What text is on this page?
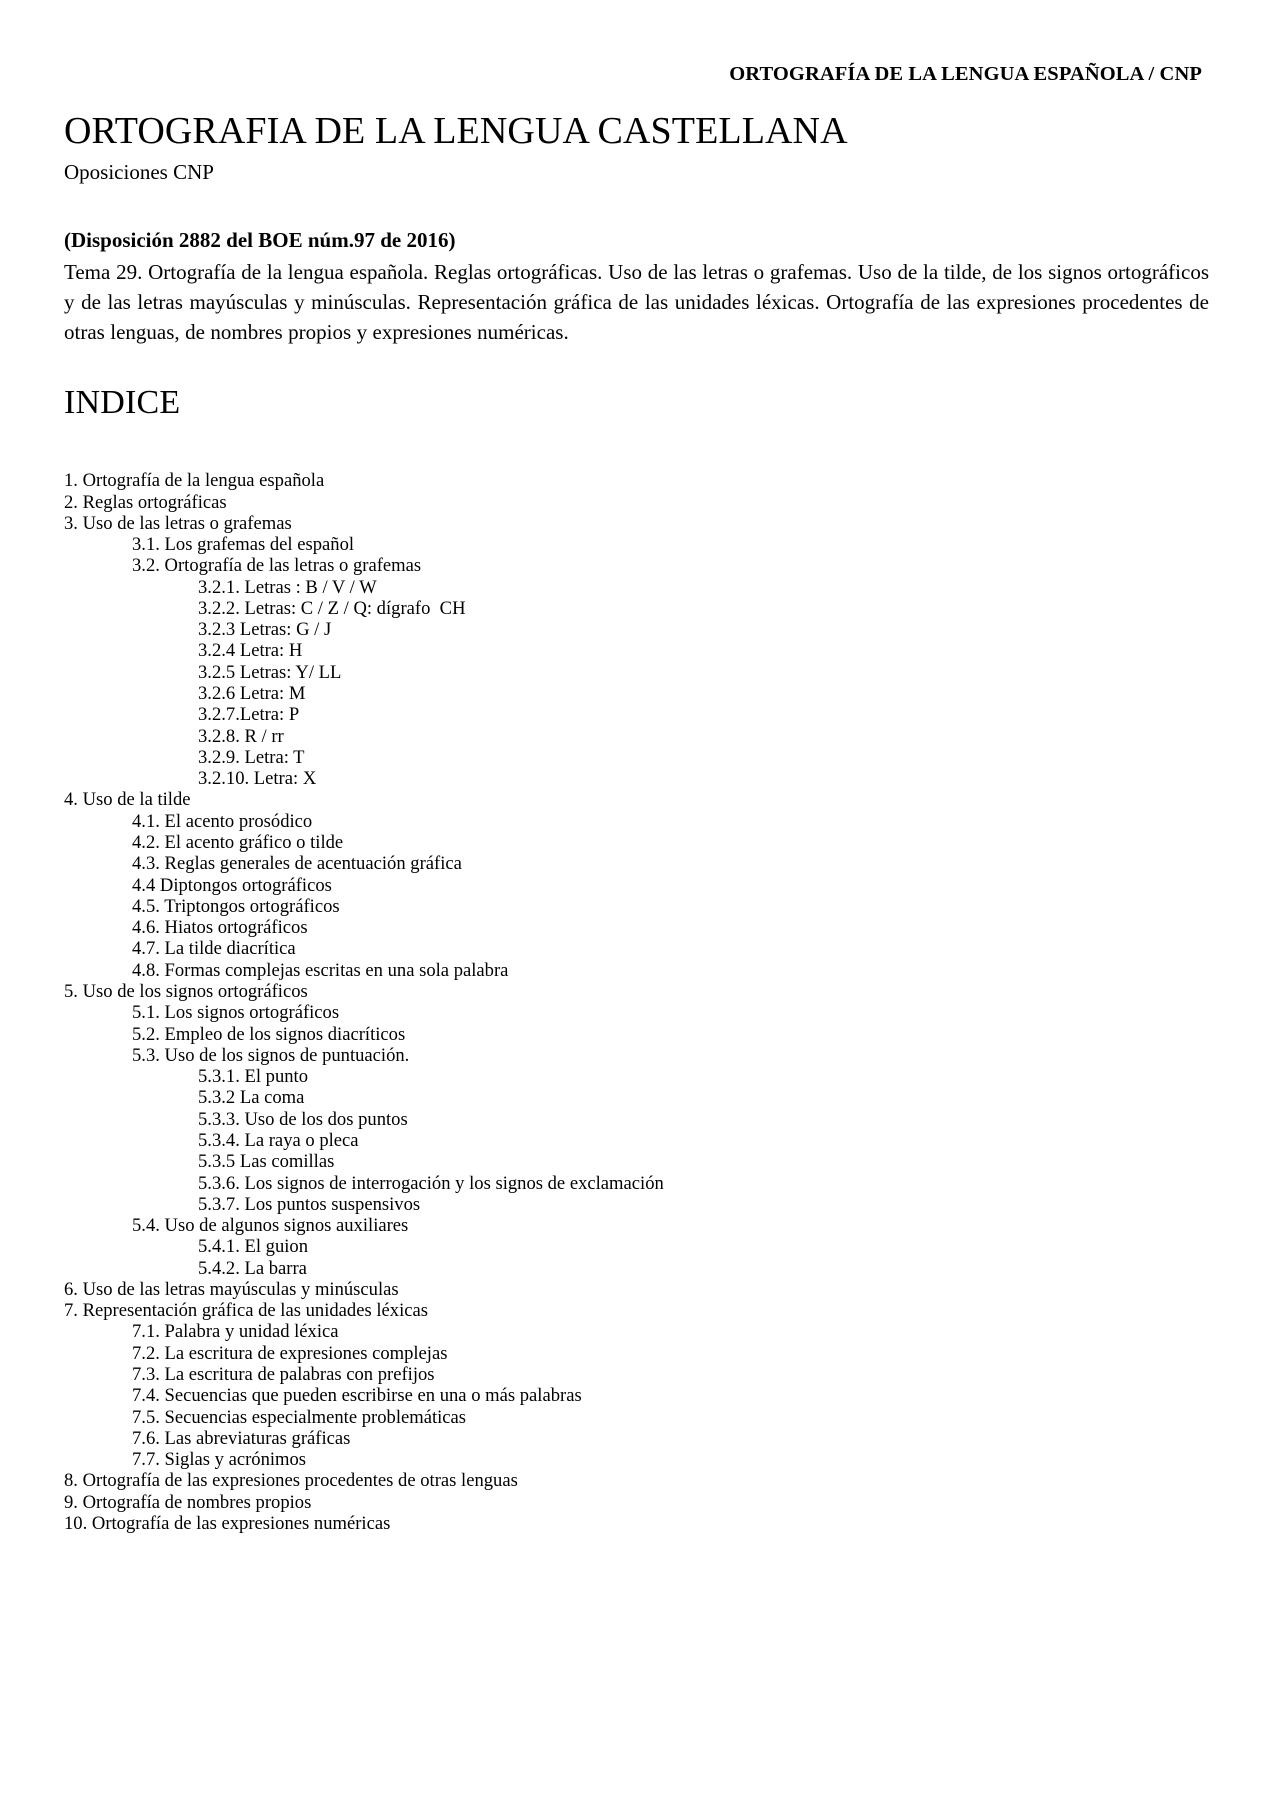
ORTOGRAFÍA DE LA LENGUA ESPAÑOLA / CNP
ORTOGRAFIA DE LA LENGUA CASTELLANA
Oposiciones CNP
(Disposición 2882 del BOE núm.97 de 2016)

Tema 29. Ortografía de la lengua española. Reglas ortográficas. Uso de las letras o grafemas. Uso de la tilde, de los signos ortográficos y de las letras mayúsculas y minúsculas. Representación gráfica de las unidades léxicas. Ortografía de las expresiones procedentes de otras lenguas, de nombres propios y expresiones numéricas.

INDICE
1. Ortografía de la lengua española
2. Reglas ortográficas
3. Uso de las letras o grafemas
3.1. Los grafemas del español
3.2. Ortografía de las letras o grafemas
3.2.1. Letras : B / V / W
3.2.2. Letras: C / Z / Q: dígrafo  CH
3.2.3 Letras: G / J
3.2.4 Letra: H
3.2.5 Letras: Y/ LL
3.2.6 Letra: M
3.2.7.Letra: P
3.2.8. R / rr
3.2.9. Letra: T
3.2.10. Letra: X
4. Uso de la tilde
4.1. El acento prosódico
4.2. El acento gráfico o tilde
4.3. Reglas generales de acentuación gráfica
4.4 Diptongos ortográficos
4.5. Triptongos ortográficos
4.6. Hiatos ortográficos
4.7. La tilde diacrítica
4.8. Formas complejas escritas en una sola palabra
5. Uso de los signos ortográficos
5.1. Los signos ortográficos
5.2. Empleo de los signos diacríticos
5.3. Uso de los signos de puntuación.
5.3.1. El punto
5.3.2 La coma
5.3.3. Uso de los dos puntos
5.3.4. La raya o pleca
5.3.5 Las comillas
5.3.6. Los signos de interrogación y los signos de exclamación
5.3.7. Los puntos suspensivos
5.4. Uso de algunos signos auxiliares
5.4.1. El guion
5.4.2. La barra
6. Uso de las letras mayúsculas y minúsculas
7. Representación gráfica de las unidades léxicas
7.1. Palabra y unidad léxica
7.2. La escritura de expresiones complejas
7.3. La escritura de palabras con prefijos
7.4. Secuencias que pueden escribirse en una o más palabras
7.5. Secuencias especialmente problemáticas
7.6. Las abreviaturas gráficas
7.7. Siglas y acrónimos
8. Ortografía de las expresiones procedentes de otras lenguas
9. Ortografía de nombres propios
10. Ortografía de las expresiones numéricas
